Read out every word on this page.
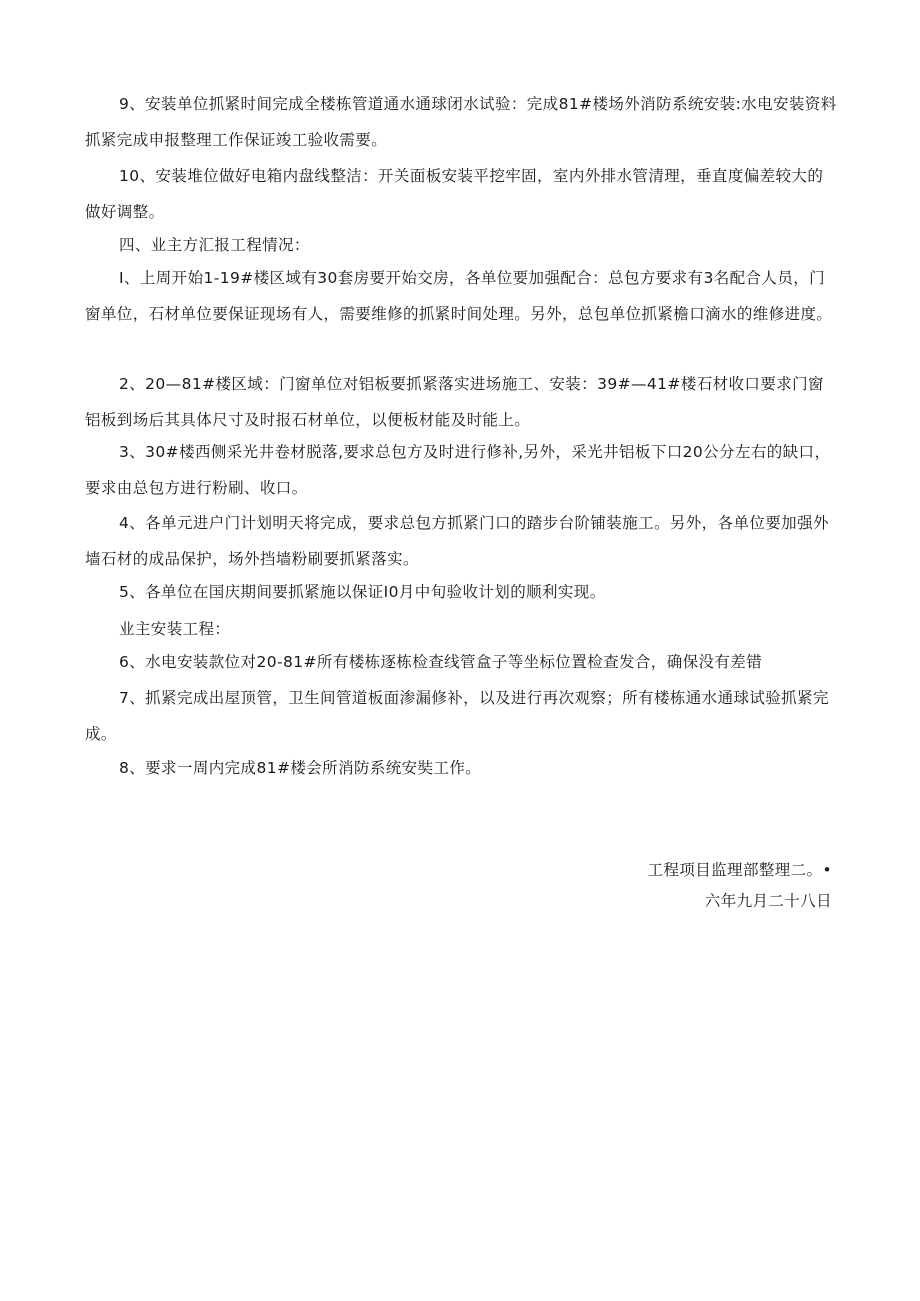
9、安装单位抓紧时间完成全楼栋管道通水通球闭水试验：完成81#楼场外消防系统安装:水电安装资料抓紧完成申报整理工作保证竣工验收需要。

10、安装堆位做好电箱内盘线整洁：开关面板安装平挖牢固，室内外排水管清理，垂直度偏差较大的做好调整。

四、业主方汇报工程情况：

I、上周开始1-19#楼区域有30套房要开始交房，各单位要加强配合：总包方要求有3名配合人员，门窗单位，石材单位要保证现场有人，需要维修的抓紧时间处理。另外，总包单位抓紧檐口滴水的维修进度。

2、20—81#楼区域：门窗单位对铝板要抓紧落实进场施工、安装：39#—41#楼石材收口要求门窗铝板到场后其具体尺寸及时报石材单位，以便板材能及时能上。

3、30#楼西侧采光井卷材脱落,要求总包方及时进行修补,另外，采光井铝板下口20公分左右的缺口，要求由总包方进行粉刷、收口。

4、各单元进户门计划明天将完成，要求总包方抓紧门口的踏步台阶铺装施工。另外，各单位要加强外墙石材的成品保护，场外挡墙粉刷要抓紧落实。

5、各单位在国庆期间要抓紧施以保证I0月中旬验收计划的顺利实现。

业主安装工程：

6、水电安装款位对20-81#所有楼栋逐栋检查线管盒子等坐标位置检查发合，确保没有差错

7、抓紧完成出屋顶管，卫生间管道板面渗漏修补，以及进行再次观察；所有楼栋通水通球试验抓紧完成。

8、要求一周内完成81#楼会所消防系统安奘工作。

工程项目监理部整理二。•
六年九月二十八日
